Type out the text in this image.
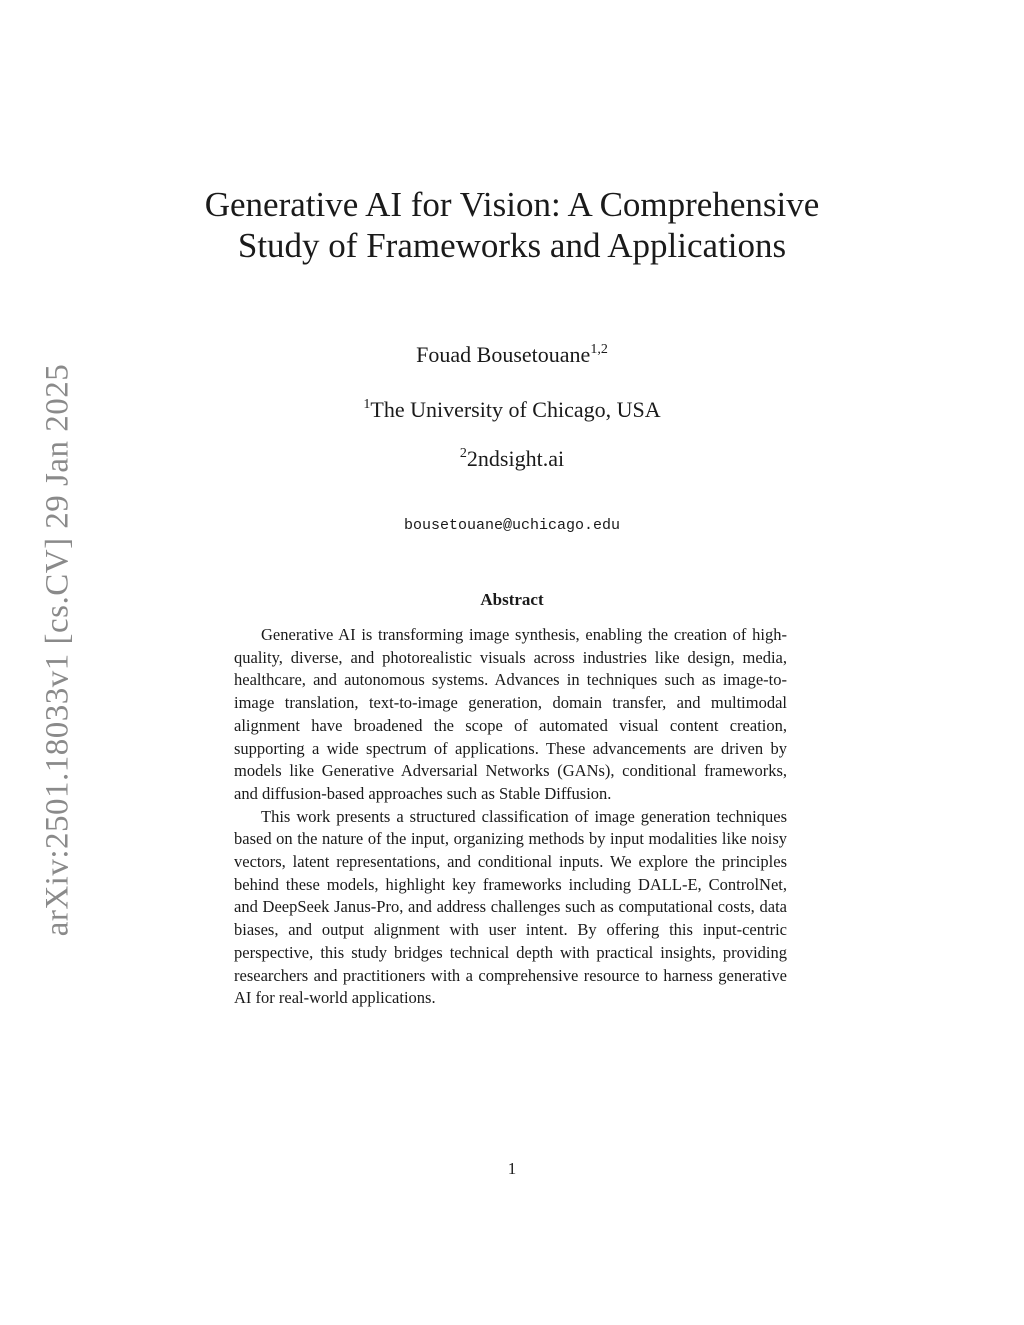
arXiv:2501.18033v1 [cs.CV] 29 Jan 2025
Generative AI for Vision: A Comprehensive
Study of Frameworks and Applications
Fouad Bousetouane$^{1,2}$
$^1$The University of Chicago, USA
$^2$2ndsight.ai
bousetouane@uchicago.edu
Abstract

Generative AI is transforming image synthesis, enabling the creation of high-quality, diverse, and photorealistic visuals across industries like design, media, healthcare, and autonomous systems. Advances in techniques such as image-to-image translation, text-to-image generation, domain transfer, and multimodal alignment have broadened the scope of automated visual content creation, supporting a wide spectrum of applications. These advancements are driven by models like Generative Adversarial Networks (GANs), conditional frameworks, and diffusion-based approaches such as Stable Diffusion.

This work presents a structured classification of image generation techniques based on the nature of the input, organizing methods by input modalities like noisy vectors, latent representations, and conditional inputs. We explore the principles behind these models, highlight key frameworks including DALL-E, ControlNet, and DeepSeek Janus-Pro, and address challenges such as computational costs, data biases, and output alignment with user intent. By offering this input-centric perspective, this study bridges technical depth with practical insights, providing researchers and practitioners with a comprehensive resource to harness generative AI for real-world applications.

1
